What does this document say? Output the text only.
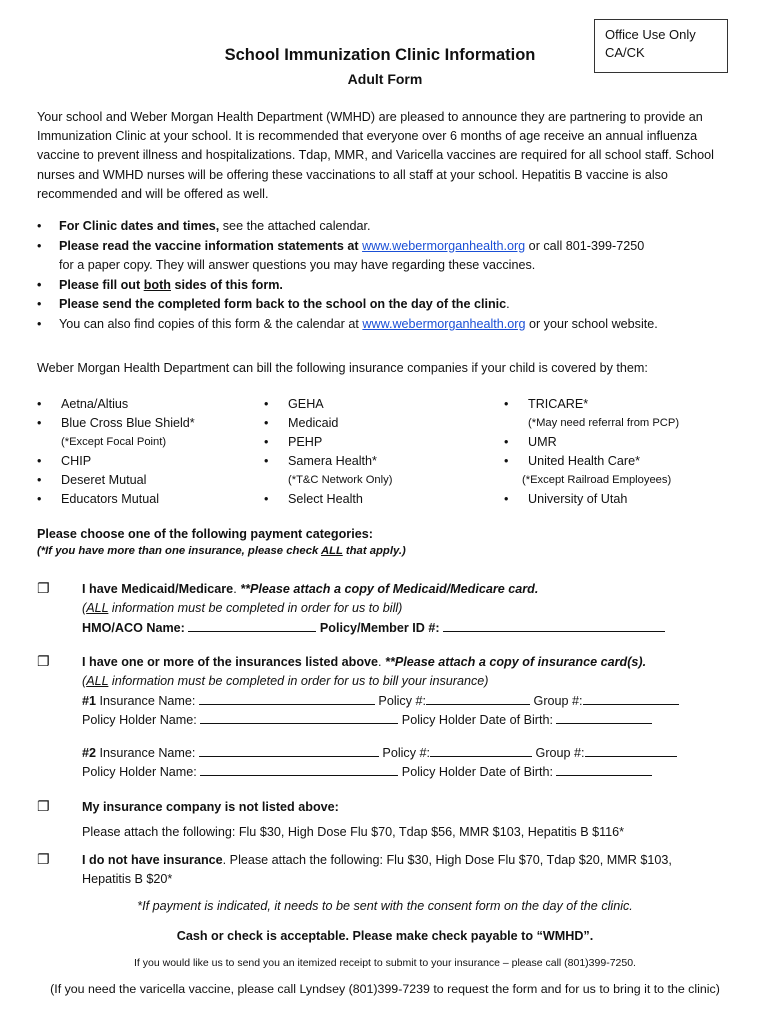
Office Use Only
CA/CK
School Immunization Clinic Information
Adult Form
Your school and Weber Morgan Health Department (WMHD) are pleased to announce they are partnering to provide an Immunization Clinic at your school. It is recommended that everyone over 6 months of age receive an annual influenza vaccine to prevent illness and hospitalizations. Tdap, MMR, and Varicella vaccines are required for all school staff. School nurses and WMHD nurses will be offering these vaccinations to all staff at your school. Hepatitis B vaccine is also recommended and will be offered as well.
• For Clinic dates and times, see the attached calendar.
• Please read the vaccine information statements at www.webermorganhealth.org or call 801-399-7250
for a paper copy. They will answer questions you may have regarding these vaccines.
• Please fill out both sides of this form.
• Please send the completed form back to the school on the day of the clinic.
• You can also find copies of this form & the calendar at www.webermorganhealth.org or your school website.
Weber Morgan Health Department can bill the following insurance companies if your child is covered by them:
• Aetna/Altius
• Blue Cross Blue Shield*
(*Except Focal Point)
• CHIP
• Deseret Mutual
• Educators Mutual
• GEHA
• Medicaid
• PEHP
• Samera Health*
(*T&C Network Only)
• Select Health
• TRICARE*
(*May need referral from PCP)
• UMR
• United Health Care*
(*Except Railroad Employees)
• University of Utah
Please choose one of the following payment categories:
(*If you have more than one insurance, please check ALL that apply.)
❐	I have Medicaid/Medicare. **Please attach a copy of Medicaid/Medicare card.
(ALL information must be completed in order for us to bill)
HMO/ACO Name:	Policy/Member ID #:
❐	I have one or more of the insurances listed above. **Please attach a copy of insurance card(s).
(ALL information must be completed in order for us to bill your insurance)
#1 Insurance Name:	Policy #:	Group #:
Policy Holder Name:	Policy Holder Date of Birth:
#2 Insurance Name:	Policy #:	Group #:
Policy Holder Name:	Policy Holder Date of Birth:
❐	My insurance company is not listed above:
Please attach the following: Flu $30, High Dose Flu $70, Tdap $56, MMR $103, Hepatitis B $116*
❐	I do not have insurance. Please attach the following: Flu $30, High Dose Flu $70, Tdap $20, MMR $103,
Hepatitis B $20*
*If payment is indicated, it needs to be sent with the consent form on the day of the clinic.
Cash or check is acceptable. Please make check payable to “WMHD”.
If you would like us to send you an itemized receipt to submit to your insurance – please call (801)399-7250.
(If you need the varicella vaccine, please call Lyndsey (801)399-7239 to request the form and for us to bring it to the clinic)
